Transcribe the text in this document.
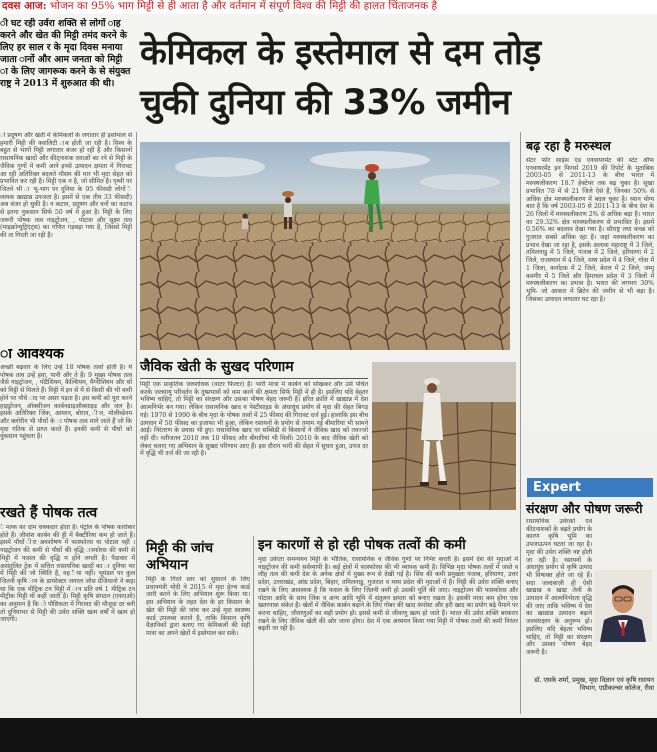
दवस आज: भोजन का 95% भाग मिट्टी से ही आता है और वर्तमान में संपूर्ण विश्व की मिट्टी की हालत चिंताजनक है
ी घट रही उर्वरा शक्ति से लोगों ाह करने और खेत की मिट्टी तमंद करने के लिए हर साल र के मृदा दिवस मनाया जाता ानों और आम जनता को मिट्टी ा के लिए जागरूक करने के से संयुक्त राष्ट्र ने 2013 में शुरुआत की थी।
केमिकल के इस्तेमाल से दम तोड़
चुकी दुनिया की 33% जमीन
ो प्रदूषण और खेती में केमिकलों के लगातार ही इस्तेमाल से हमारी मिट्टी की क्वालिटी ाब होती जा रही है। विश्व के बहुत से भागों मिट्टी लगातार बंजर हो रही है और किसानों रासायनिक खादों और कीट्नाशक दवाओं का रने से मिट्टी के जैविक गुणों में कमी आने इनसे उत्पादन क्षमता में गिरावट आ रही अतिरिक्त बदलते मौसम की मार भी मृदा सेहत को प्रभावित कर रही है। मिट्टी एक न है, जो सीमित है। पृथ्वी पर जितने भी ा भू-भाग पर दुनिया के 95 फीसदी लोगों े लायक खाद्यान्न उपजता है। इसमें से एक तीय 33 फीसदी) अब बंजर हो चुकी है। न कटाव, प्रदूषण और वनों का कटाव से इतना नुकसान सिर्फ 50 वर्ष में हुआ है। मिट्टी के लिए जरूरी पोषक तत्व नाइट्रोजन, , पोटाश और सूक्ष्म तत्व (माइक्रोन्यूट्रिएंट्स) का गणित गड़बड़ा गया है, जिससे मिट्टी की ता गिरती जा रही है।
ा आवश्यक
अच्छी बढ़वार के लिए उन्हें 18 पोषक तत्वों होती है। ये पोषक तत्व उन्हें हवा, पानी और ते हैं। 9 मुख्य पोषक तत्व जैसे नाइट्रोजन, , पोटैशियम, कैल्शियम, मैग्नीशियम और थों को मिट्टी से मिलते हैं। मिट्टी में इन से में से किसी की भी कमी होने पर पौधे ाद पर असर पड़ता है। इस कमी को पूरा करने हाइड्रोजन, ऑक्सीजन कार्बनडाइऑक्साइड और जल है। इसके अतिरिक्त जिंक, आयरन, बोरान, ीज, मोलीब्डेनम और क्लोरीन भी पौधों के ा पोषक तत्व माने जाते हैं जो कि मृदा गतिक से प्राप्त करते हैं। इनकी कमी से पौधों को नुकसान पहुंचता है।
रखते हैं पोषक तत्व
े मल्क का दाम चक्कदार होता है। पेट्रोल के पोषक कारोबार होते हैं। जीवांश कार्बन की ट्टी में बैक्टीरिया कम हो जाते हैं। इसमें पौधों ीरा अवशोषण में फास्फोरस या पोटाश नहीं । नाइट्रोजन की कमी से पौधों की वृद्धि ास्फोरस की कमी से मिट्टी में फसल की वृद्धि म होने लगती है। पैदावार में असंतुलित ट्रेक में सत्तित रासायनिक खादों का ा दुनिया भर में मिट्टी की जो स्थिति है, वह ैया नहीं। भूमंडल पर कुल जितनी कृषि ान के डायरेक्टर जनरल जोस ग्रेजियानो ने कहा था कि एक मीट्रिक टन मिट्टी में ान प्रति वर्ष 1 मीट्रिक टन मीट्रीक मिट्टी यों कहीं जाती है। मिट्टी कृषि संगठन (एफएओ) का अनुमान है कि ो पौष्टिकता में गिरावट की मौजूदा दर बनी तो दुनियाभर से मिट्टी की उर्वरा शक्ति खत्म वर्षों में खत्म हो जाएगी।
जैविक खेती के सुखद परिणाम
मिट्टी एक प्राकृतिक जलशोधक (वाटर फिल्टर) है। भारी मात्रा में कार्बन को सोखकर और उसे पचित करके जलवायु परिवर्तन के दुष्प्रभावों को कम करने की क्षमता सिर्फ मिट्टी में ही है। इसलिए यदि बेहतर भविष्य चाहिए, तो मिट्टी का संरक्षण और उसका पोषण बेहद जरूरी है। हरित क्रांति में खाद्यान्न में देश आत्मनिर्भर बन गया। लेकिन रासायनिक खाद व पेस्टीसाइड के अंधाधुंध प्रयोग से मृदा की सेहत बिगड़ गई। 1970 से 1990 के बीच मृदा के पोषक तत्वों में 25 फीसद की गिरावट दर्ज हुई। हालांकि इस बीच उत्पादन में 50 फीसद का इजाफा भी हुआ, लेकिन रसायनों के प्रयोग से तमाम नई बीमारियां भी सामने आईं। निरंतरण के प्रयास भी हुए। रासायनिक खाद पर सब्सिडी से किसानों ने जैविक खाद को तवज्जो नहीं दी। नतीजतन 2010 तक 10 फीसद और बीमारियां भी मिलीं। 2010 के बाद जैविक खेती को लेकर चलाए गए अभियान के सुखद परिणाम आए हैं। इस दौरान भारी की सेहत में सुधार हुआ, उपज दर में वृद्धि भी दर्ज की जा रही है।
मिट्टी की जांच अभियान
मिट्टी के गिरते स्तर को सुधारने के लिए प्रधानमंत्री मोदी ने 2015 में मृदा हेल्थ कार्ड जारी करने के लिए अभियान शुरू किया था। इस अभियान के तहत देश के हर किसान के खेत की मिट्टी की जांच कर उन्हें मृदा स्वास्थ्य कार्ड उपलब्ध कराने है, ताकि किसान कृषि वैज्ञानिकों द्वारा बताए गए केमिकलों की सही मात्रा का अपने खेतों में इस्तेमाल कर सकें।
इन कारणों से हो रही पोषक तत्वों की कमी
मृदा उर्वरता समन्वयन मिट्टी के भौतिक, रासायनिक व जैविक गुणों पर निर्भर करती है। इसमें देश की मृदाओं में नाइट्रोजन की कमी सर्वव्यापी है। कई क्षेत्रों में फास्फोरस की भी व्यापक कमी है। विभिन्न मृदा पोषक तत्वों में जस्ते व लौह तत्व की कमी देश के अनेक क्षेत्रों में मुख्य रूप से देखी गई है। सिंध की कमी प्रमुखतः पंजाब, हरियाणा, उत्तर प्रदेश, उत्तराखंड, आंध्र प्रदेश, बिहार, तमिलनाडु, गुजरात व मध्य प्रदेश की मृदाओं में है। मिट्टी की उर्वरा शक्ति बनाए रखने के लिए आवश्यक है कि फसल के लिए जितनी कमी हो उसकी पूर्ति की जाए। नाइट्रोजन की फास्फोरस और पोटाश आदि के साथ जिंक व अन्य आदि भूमि में संतुलन क्षमता को बनाए रखता है। इसकी मात्रा कम होना एक खतरनाक संकेत है। खेतों में जैविक कार्बन बढ़ाने के लिए गोबर की खाद कंपोस्ट और हरी खाद का प्रयोग बढ़े पैमाने पर करना चाहिए, जीवाणुओं का सही प्रयोग हो। इससे कमी से जीवाणु खत्म हो जाते हैं। भारत की उर्वरा शक्ति बरकरार रखने के लिए जैविक खेती की ओर जाना होगा। देश में एक अध्ययन किया गया मिट्टी में पोषक तत्वों की कमी निरंतर बढ़ती जा रही है।
बढ़ रहा है मरुस्थल
सेंटर फॉर साइंस एंड एनवायरमेंट की स्टेट ऑफ एनवायरमेंट इन फिगर्स 2019 की रिपोर्ट के मुताबिक 2003-05 से 2011-13 के बीच भारत में मरुस्थलीकरण 18.7 हेक्टेयर तक बढ़ चुका है। सूखा प्रभावित 78 में से 21 जिले ऐसे हैं, जिनका 50% से अधिक क्षेत्र मरुस्थलीकरण में बदल चुका है। ध्यान योग्य बात है कि वर्ष 2003-05 से 2011-13 के बीच देश के 26 जिलों में मरुस्थलीकरण 2% से अधिक बढ़ा है। भारत का 29.32% क्षेत्र मरुस्थलीकरण से प्रभावित है। इसमें 0.56% का बदलाव देखा गया है। सौराष्ट्र तथा कच्छ को गुजरात सबसे अधिक रहा है। जहां मरुस्थलीकरण का प्रभाव देखा जा रहा है, इसके अलावा महाराष्ट्र में 3 जिले, तमिलनाडु में 5 जिले, पंजाब में 2 जिले, हरियाणा में 2 जिले, राजस्थान में 4 जिले, मध्य प्रदेश में 4 जिले, गोवा में 1 जिला, कर्नाटक में 2 जिले, केरल में 2 जिले, जम्मू कश्मीर में 5 जिले और हिमाचल प्रदेश में 3 जिलों में मरुस्थलीकरण का प्रभाव है। भारत की लगभग 30% भूमि- जो आकार में ब्रिटेन की जमीन से भी बड़ा है। जिसका उत्पादन लगातार घट रहा है।
Expert
संरक्षण और पोषण जरूरी
रासायनिक उर्वरकों एवं कीटनाशकों के बढ़ते प्रयोग के कारण कृषि भूमि का उपजाऊपन घटता जा रहा है। मृदा की उर्वरा शक्ति नष्ट होती जा रही है। रसायनों के अंधाधुंध प्रयोग से कृषि उत्पाद भी विषाक्त होते जा रहे हैं। सदा जल्दबाज़ी ही ऐसी खाद्यान्न व खाद्य तेलों के उत्पादन में आत्मनिर्भरता वृद्धि की जाए ताकि भविष्य में देश का खाद्यान्न उत्पादन बढ़ाने जलसंरक्षण के अनुरूप हो। इसलिए यदि बेहतर भविष्य चाहिए, तो मिट्टी का संरक्षण और उसका पोषण बेहद जरूरी है।
डॉ. एसके शर्मा, प्रमुख, मृदा विज्ञान एवं कृषि रसायन विभाग, एग्रीकल्चर कॉलेज, रीवा
